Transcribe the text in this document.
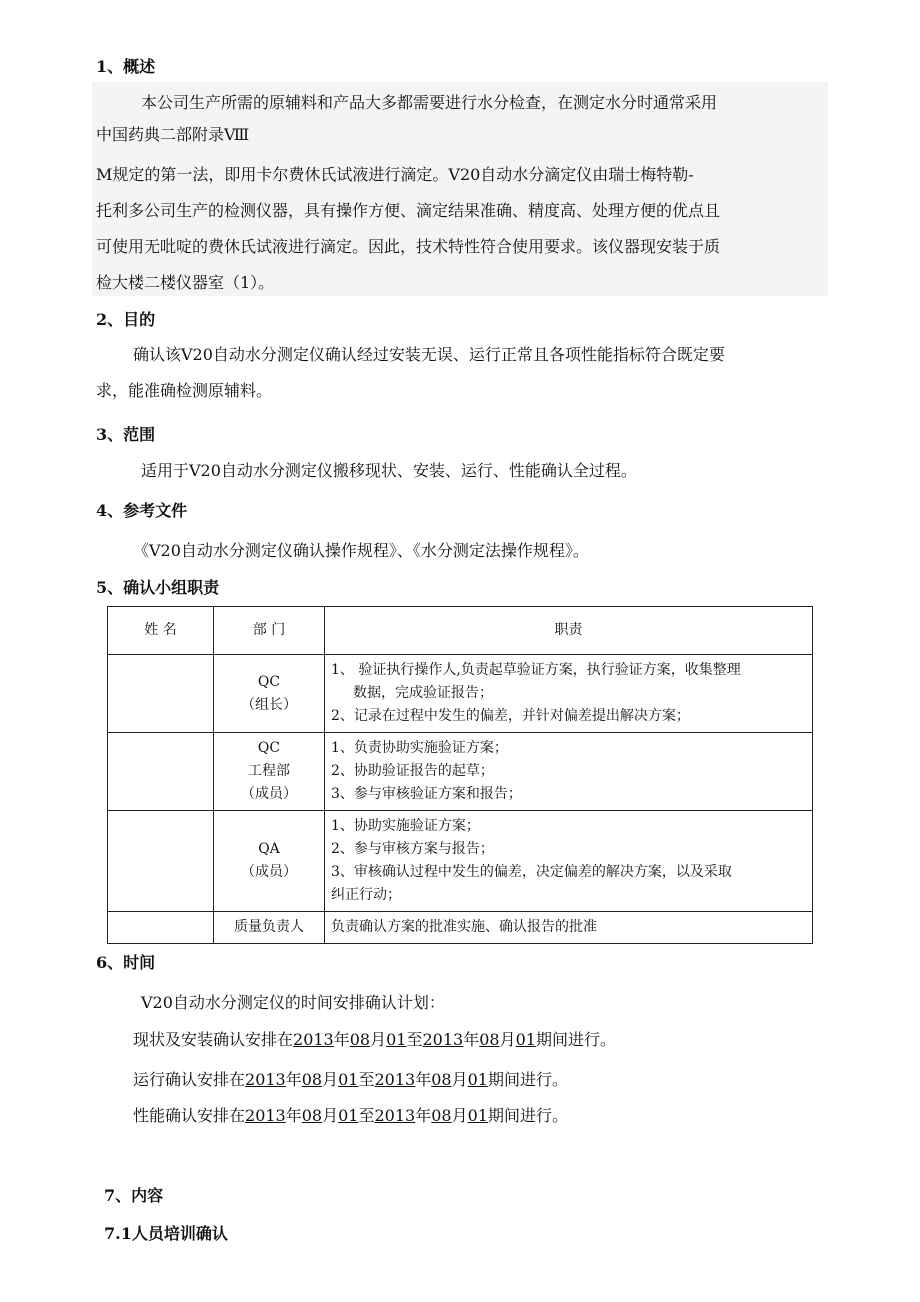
1、概述
本公司生产所需的原辅料和产品大多都需要进行水分检查，在测定水分时通常采用
中国药典二部附录Ⅷ
M规定的第一法，即用卡尔费休氏试液进行滴定。V20自动水分滴定仪由瑞士梅特勒-
托利多公司生产的检测仪器，具有操作方便、滴定结果准确、精度高、处理方便的优点且
可使用无吡啶的费休氏试液进行滴定。因此，技术特性符合使用要求。该仪器现安装于质
检大楼二楼仪器室（1）。
2、目的
确认该V20自动水分测定仪确认经过安装无误、运行正常且各项性能指标符合既定要
求，能准确检测原辅料。
3、范围
适用于V20自动水分测定仪搬移现状、安装、运行、性能确认全过程。
4、参考文件
《V20自动水分测定仪确认操作规程》、《水分测定法操作规程》。
5、确认小组职责
姓 名	部 门	职责

	QC
（组长）	1、 验证执行操作人,负责起草验证方案，执行验证方案，收集整理
数据，完成验证报告；
2、记录在过程中发生的偏差，并针对偏差提出解决方案；

	QC
工程部
（成员）	1、负责协助实施验证方案；
2、协助验证报告的起草；
3、参与审核验证方案和报告；

	QA
（成员）	1、协助实施验证方案；
2、参与审核方案与报告；
3、审核确认过程中发生的偏差，决定偏差的解决方案，以及采取
纠正行动；

	质量负责人	负责确认方案的批准实施、确认报告的批准
6、时间
V20自动水分测定仪的时间安排确认计划：
现状及安装确认安排在2013年08月01至2013年08月01期间进行。
运行确认安排在2013年08月01至2013年08月01期间进行。
性能确认安排在2013年08月01至2013年08月01期间进行。
7、内容
7.1人员培训确认
